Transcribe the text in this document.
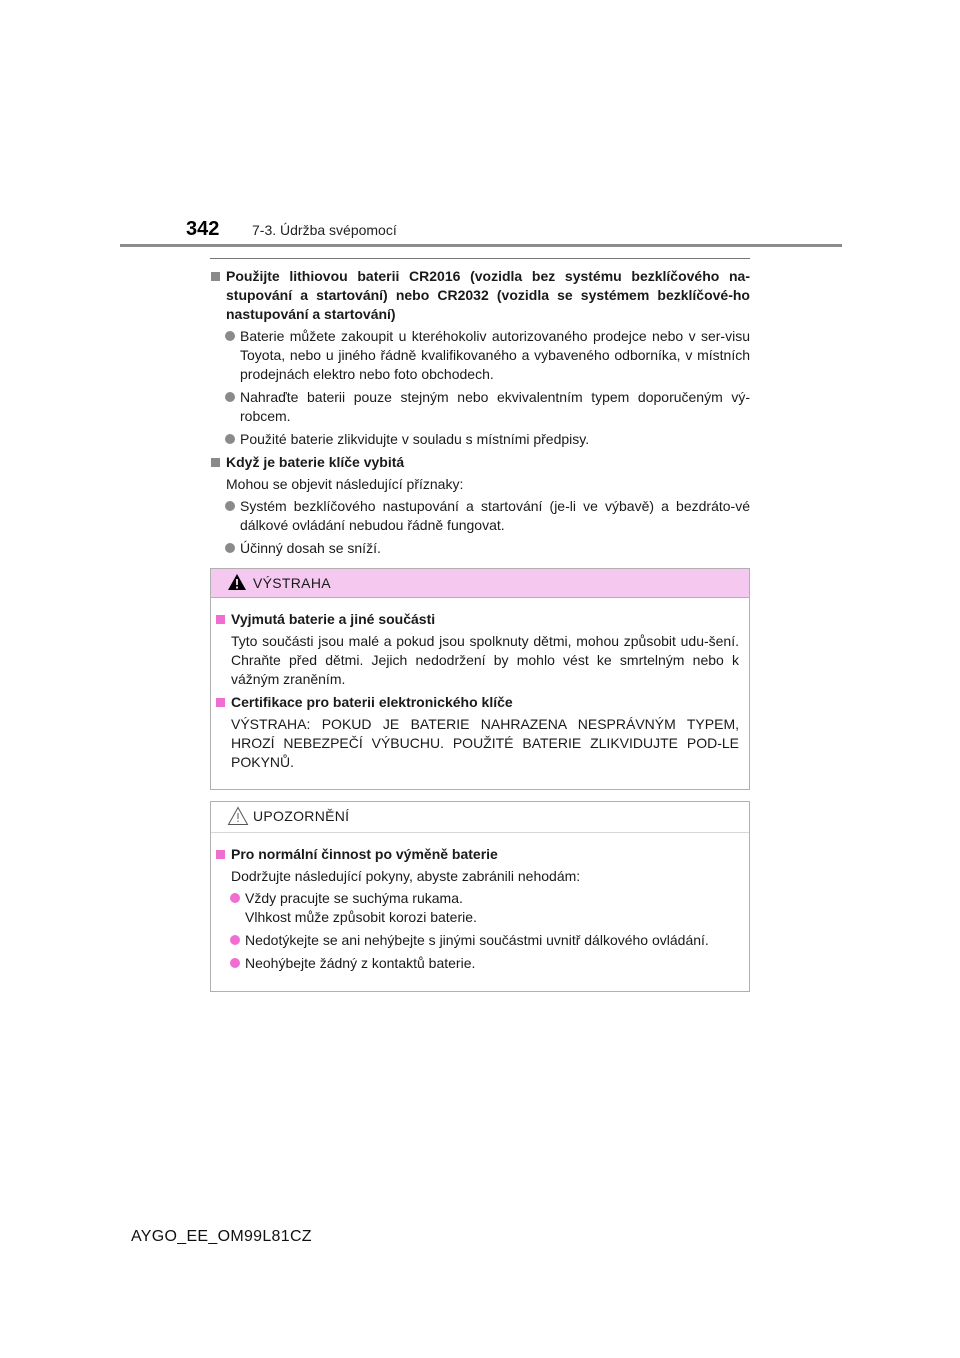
342 7-3. Údržba svépomocí
Použijte lithiovou baterii CR2016 (vozidla bez systému bezklíčového na-stupování a startování) nebo CR2032 (vozidla se systémem bezklíčové-ho nastupování a startování)
Baterie můžete zakoupit u kteréhokoliv autorizovaného prodejce nebo v ser-visu Toyota, nebo u jiného řádně kvalifikovaného a vybaveného odborníka, v místních prodejnách elektro nebo foto obchodech.
Nahraďte baterii pouze stejným nebo ekvivalentním typem doporučeným vý-robcem.
Použité baterie zlikvidujte v souladu s místními předpisy.
Když je baterie klíče vybitá
Mohou se objevit následující příznaky:
Systém bezklíčového nastupování a startování (je-li ve výbavě) a bezdráto-vé dálkové ovládání nebudou řádně fungovat.
Účinný dosah se sníží.
VÝSTRAHA
Vyjmutá baterie a jiné součásti
Tyto součásti jsou malé a pokud jsou spolknuty dětmi, mohou způsobit udu-šení. Chraňte před dětmi. Jejich nedodržení by mohlo vést ke smrtelným nebo k vážným zraněním.
Certifikace pro baterii elektronického klíče
VÝSTRAHA: POKUD JE BATERIE NAHRAZENA NESPRÁVNÝM TYPEM, HROZÍ NEBEZPEČÍ VÝBUCHU. POUŽITÉ BATERIE ZLIKVIDUJTE POD-LE POKYNŮ.
UPOZORNĚNÍ
Pro normální činnost po výměně baterie
Dodržujte následující pokyny, abyste zabránili nehodám:
Vždy pracujte se suchýma rukama.
Vlhkost může způsobit korozi baterie.
Nedotýkejte se ani nehýbejte s jinými součástmi uvnitř dálkového ovládání.
Neohýbejte žádný z kontaktů baterie.
AYGO_EE_OM99L81CZ
